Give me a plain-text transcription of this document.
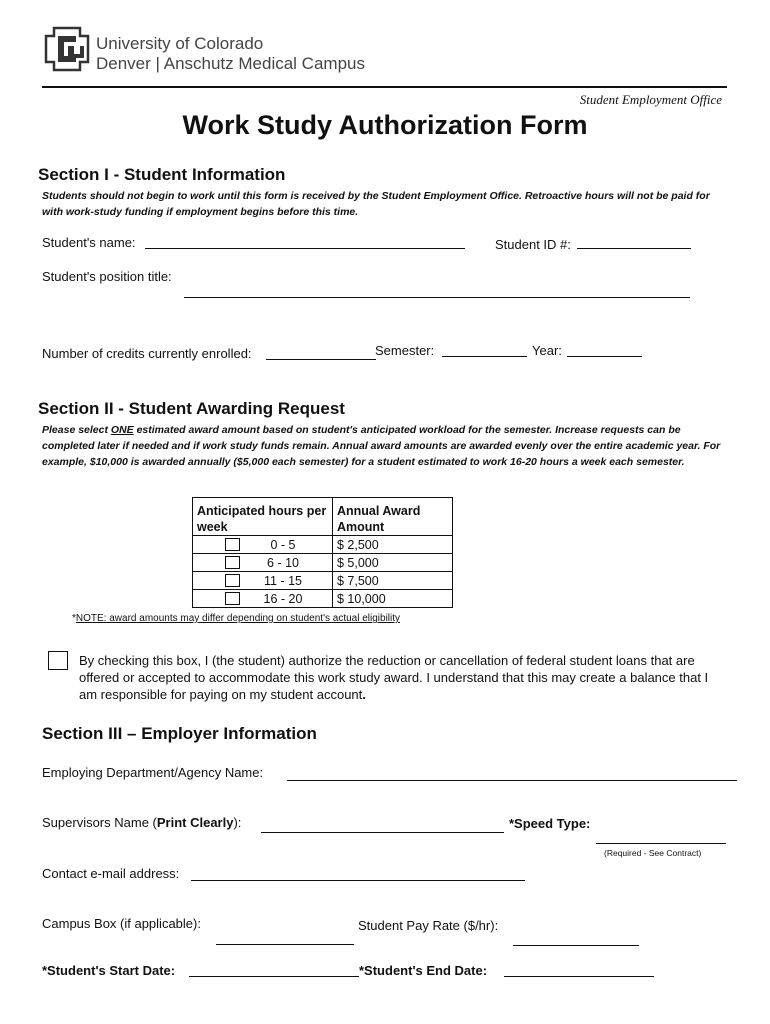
University of Colorado
Denver | Anschutz Medical Campus
Student Employment Office
Work Study Authorization Form
Section I - Student Information
Students should not begin to work until this form is received by the Student Employment Office. Retroactive hours will not be paid for with work-study funding if employment begins before this time.
Student's name:	Student ID #:
Student's position title:
Number of credits currently enrolled:	Semester:	Year:
Section II - Student Awarding Request
Please select ONE estimated award amount based on student's anticipated workload for the semester. Increase requests can be completed later if needed and if work study funds remain. Annual award amounts are awarded evenly over the entire academic year. For example, $10,000 is awarded annually ($5,000 each semester) for a student estimated to work 16-20 hours a week each semester.
Anticipated hours per week	Annual Award Amount
0 - 5	$ 2,500
6 - 10	$ 5,000
11 - 15	$ 7,500
16 - 20	$ 10,000
*NOTE: award amounts may differ depending on student's actual eligibility
By checking this box, I (the student) authorize the reduction or cancellation of federal student loans that are offered or accepted to accommodate this work study award. I understand that this may create a balance that I am responsible for paying on my student account.
Section III – Employer Information
Employing Department/Agency Name:
Supervisors Name (Print Clearly):	*Speed Type:
(Required - See Contract)
Contact e-mail address:
Campus Box (if applicable):	Student Pay Rate ($/hr):
*Student's Start Date:	*Student's End Date:
